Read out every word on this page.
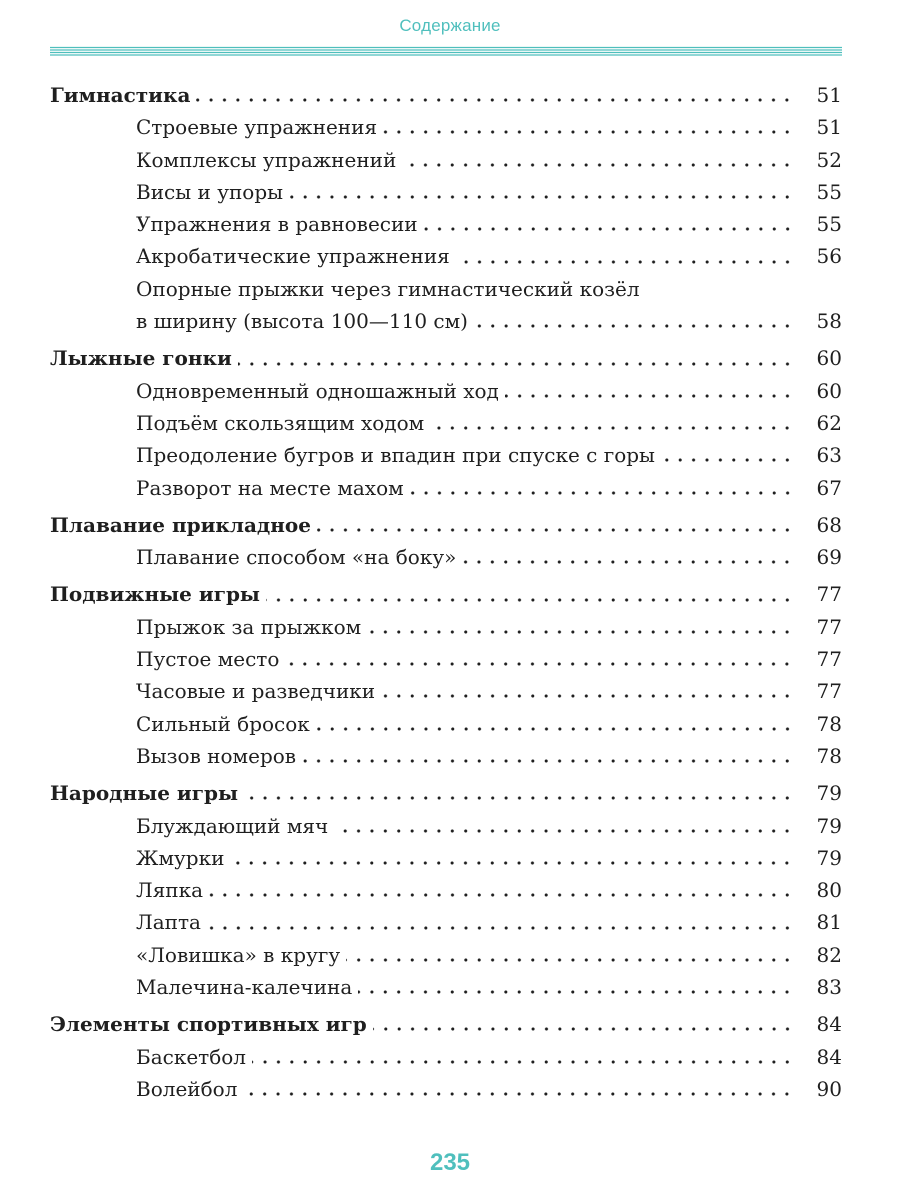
Содержание
Гимнастика	51
Строевые упражнения	51
Комплексы упражнений	52
Висы и упоры	55
Упражнения в равновесии	55
Акробатические упражнения	56
Опорные прыжки через гимнастический козёл
в ширину (высота 100—110 см)	58
Лыжные гонки	60
Одновременный одношажный ход	60
Подъём скользящим ходом	62
Преодоление бугров и впадин при спуске с горы	63
Разворот на месте махом	67
Плавание прикладное	68
Плавание способом «на боку»	69
Подвижные игры	77
Прыжок за прыжком	77
Пустое место	77
Часовые и разведчики	77
Сильный бросок	78
Вызов номеров	78
Народные игры	79
Блуждающий мяч	79
Жмурки	79
Ляпка	80
Лапта	81
«Ловишка» в кругу	82
Малечина-калечина	83
Элементы спортивных игр	84
Баскетбол	84
Волейбол	90
235
